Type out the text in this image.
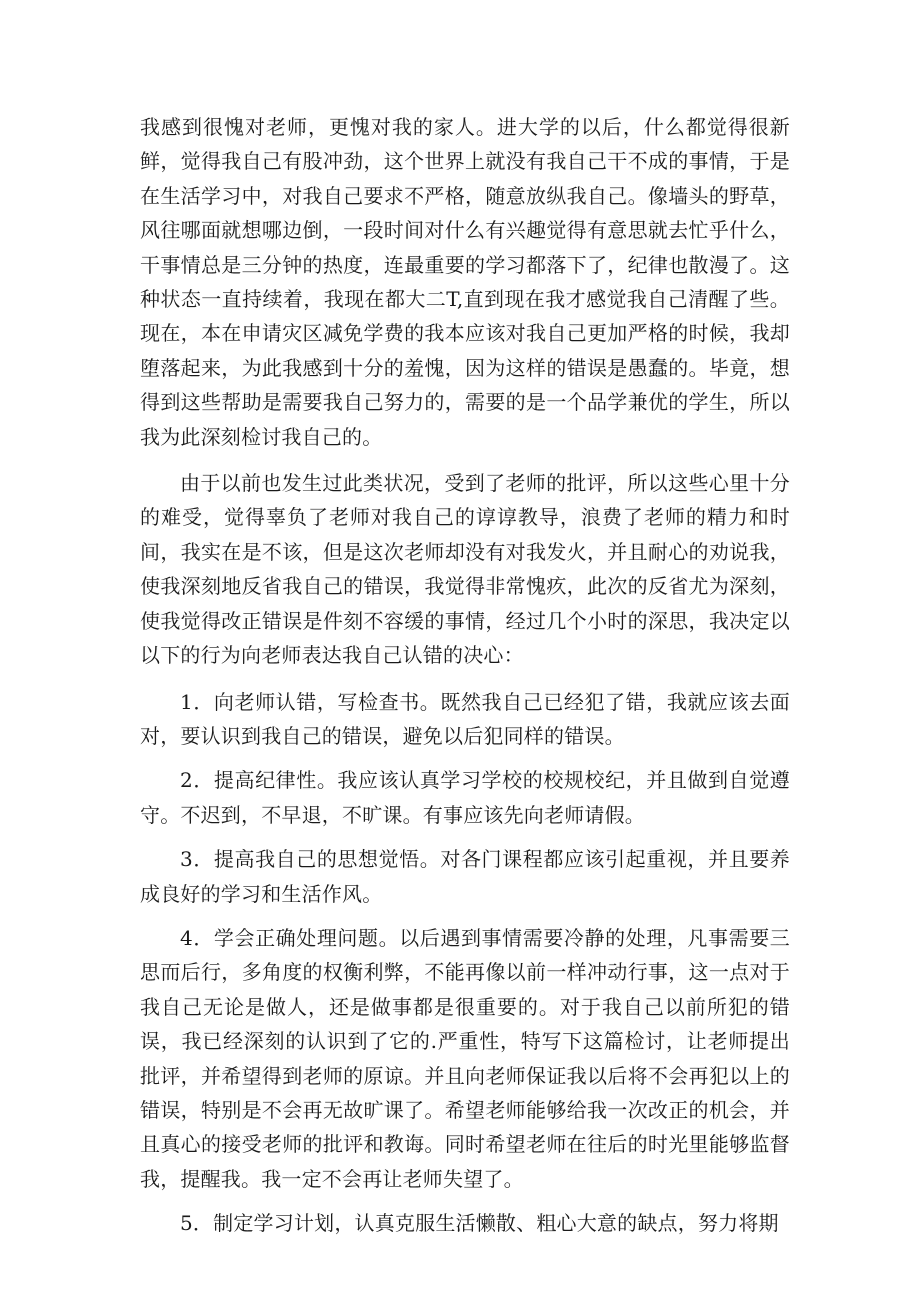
我感到很愧对老师，更愧对我的家人。进大学的以后，什么都觉得很新鲜，觉得我自己有股冲劲，这个世界上就没有我自己干不成的事情，于是在生活学习中，对我自己要求不严格，随意放纵我自己。像墙头的野草，风往哪面就想哪边倒，一段时间对什么有兴趣觉得有意思就去忙乎什么，干事情总是三分钟的热度，连最重要的学习都落下了，纪律也散漫了。这种状态一直持续着，我现在都大二T,直到现在我才感觉我自己清醒了些。现在，本在申请灾区减免学费的我本应该对我自己更加严格的时候，我却堕落起来，为此我感到十分的羞愧，因为这样的错误是愚蠢的。毕竟，想得到这些帮助是需要我自己努力的，需要的是一个品学兼优的学生，所以我为此深刻检讨我自己的。

由于以前也发生过此类状况，受到了老师的批评，所以这些心里十分的难受，觉得辜负了老师对我自己的谆谆教导，浪费了老师的精力和时间，我实在是不该，但是这次老师却没有对我发火，并且耐心的劝说我，使我深刻地反省我自己的错误，我觉得非常愧疚，此次的反省尤为深刻，使我觉得改正错误是件刻不容缓的事情，经过几个小时的深思，我决定以以下的行为向老师表达我自己认错的决心：

1．向老师认错，写检查书。既然我自己已经犯了错，我就应该去面对，要认识到我自己的错误，避免以后犯同样的错误。

2．提高纪律性。我应该认真学习学校的校规校纪，并且做到自觉遵守。不迟到，不早退，不旷课。有事应该先向老师请假。

3．提高我自己的思想觉悟。对各门课程都应该引起重视，并且要养成良好的学习和生活作风。

4．学会正确处理问题。以后遇到事情需要冷静的处理，凡事需要三思而后行，多角度的权衡利弊，不能再像以前一样冲动行事，这一点对于我自己无论是做人，还是做事都是很重要的。对于我自己以前所犯的错误，我已经深刻的认识到了它的.严重性，特写下这篇检讨，让老师提出批评，并希望得到老师的原谅。并且向老师保证我以后将不会再犯以上的错误，特别是不会再无故旷课了。希望老师能够给我一次改正的机会，并且真心的接受老师的批评和教诲。同时希望老师在往后的时光里能够监督我，提醒我。我一定不会再让老师失望了。

5．制定学习计划，认真克服生活懒散、粗心大意的缺点，努力将期
